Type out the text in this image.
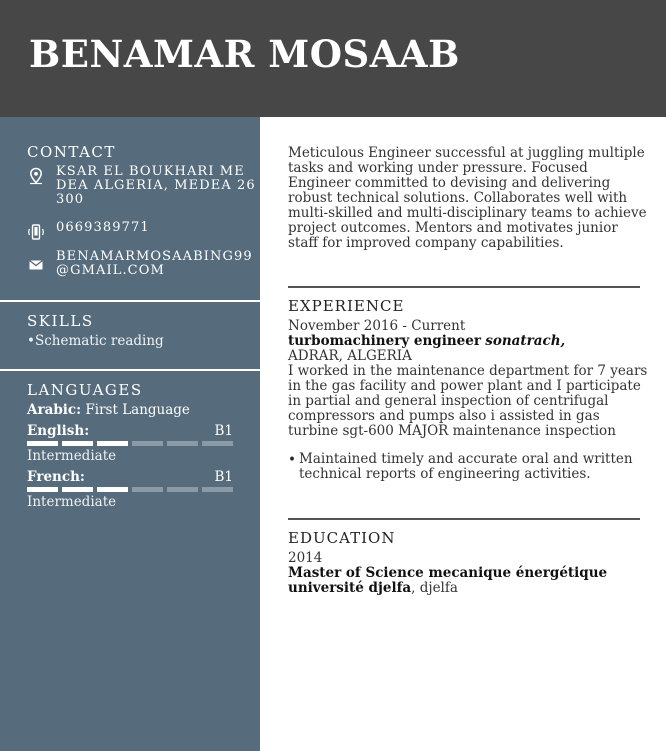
BENAMAR MOSAAB
CONTACT
KSAR EL BOUKHARI MEDEA ALGERIA, MEDEA 26300
0669389771
BENAMARMOSAABING99@GMAIL.COM
SKILLS
•Schematic reading
LANGUAGES
Arabic: First Language
English:	B1
Intermediate
French:	B1
Intermediate
Meticulous Engineer successful at juggling multiple tasks and working under pressure. Focused Engineer committed to devising and delivering robust technical solutions. Collaborates well with multi-skilled and multi-disciplinary teams to achieve project outcomes. Mentors and motivates junior staff for improved company capabilities.
EXPERIENCE
November 2016 - Current
turbomachinery engineer sonatrach,
ADRAR, ALGERIA
I worked in the maintenance department for 7 years in the gas facility and power plant and I participate in partial and general inspection of centrifugal compressors and pumps also i assisted in gas turbine sgt-600 MAJOR maintenance inspection
• Maintained timely and accurate oral and written technical reports of engineering activities.
EDUCATION
2014
Master of Science mecanique énergétique
université djelfa, djelfa
